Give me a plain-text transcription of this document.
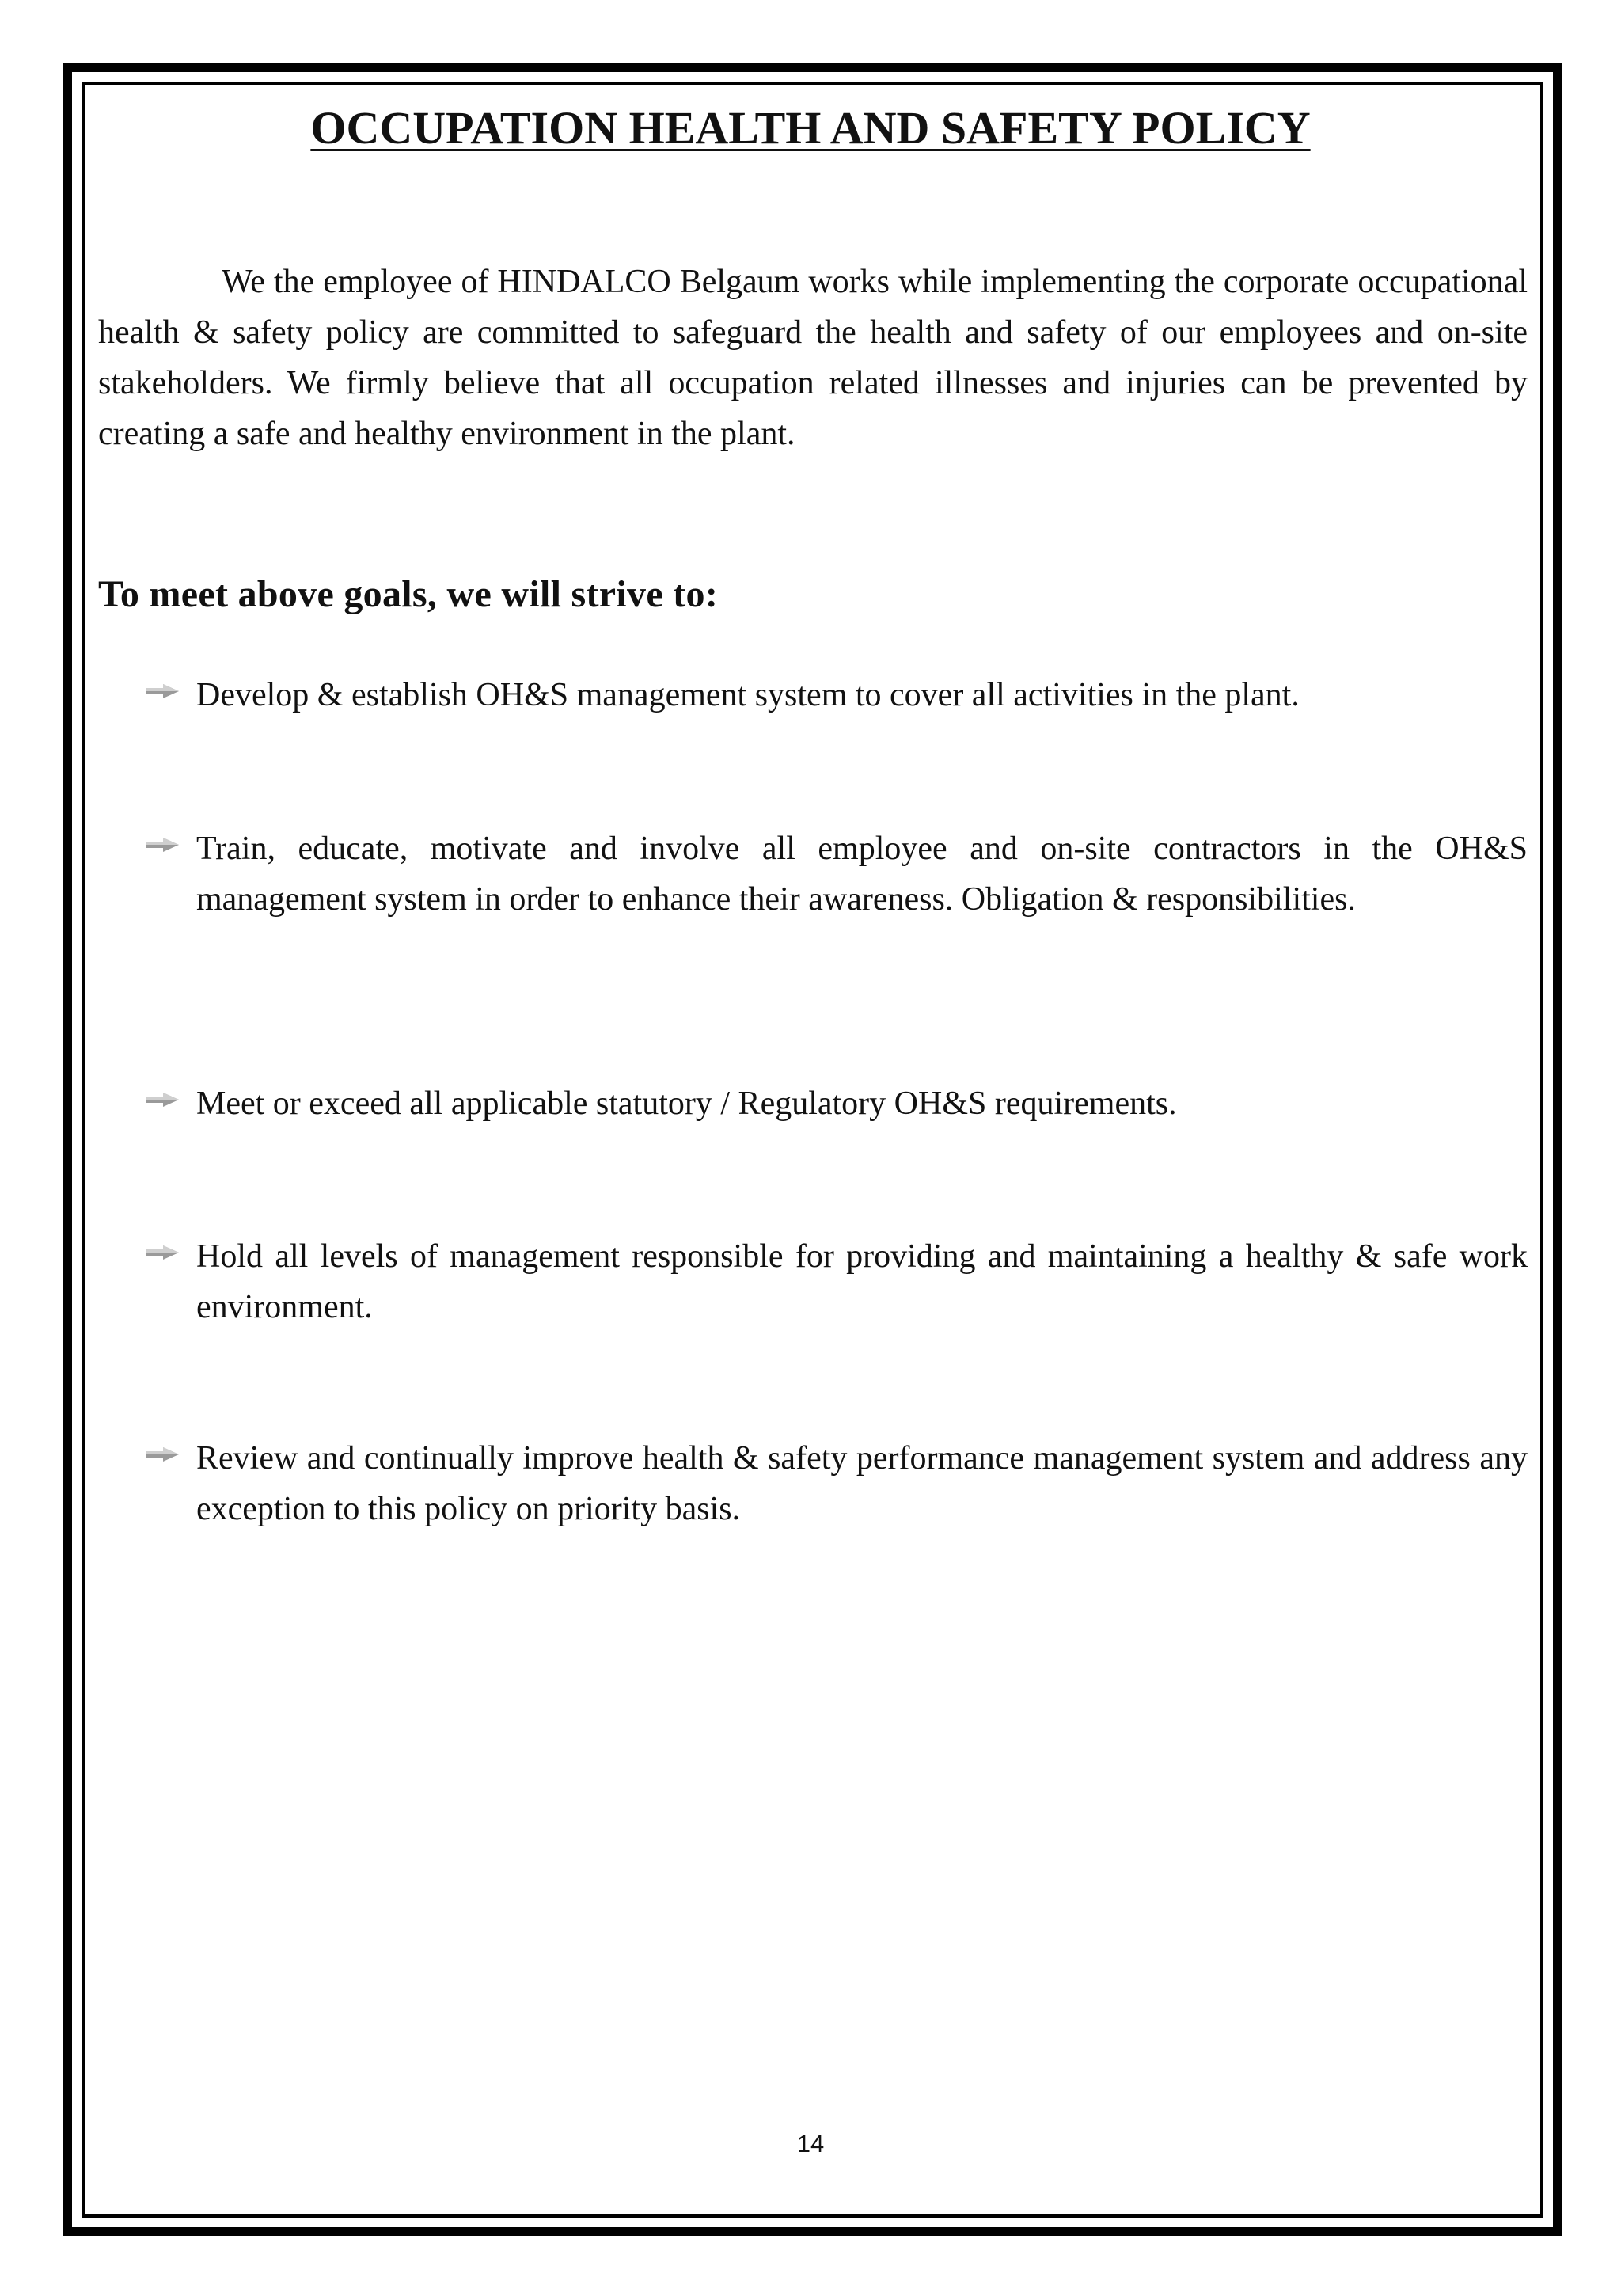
OCCUPATION HEALTH AND SAFETY POLICY

We the employee of HINDALCO Belgaum works while implementing the corporate occupational health & safety policy are committed to safeguard the health and safety of our employees and on-site stakeholders. We firmly believe that all occupation related illnesses and injuries can be prevented by creating a safe and healthy environment in the plant.

To meet above goals, we will strive to:

Develop & establish OH&S management system to cover all activities in the plant.

Train, educate, motivate and involve all employee and on-site contractors in the OH&S management system in order to enhance their awareness. Obligation & responsibilities.

Meet or exceed all applicable statutory / Regulatory OH&S requirements.

Hold all levels of management responsible for providing and maintaining a healthy & safe work environment.

Review and continually improve health & safety performance management system and address any exception to this policy on priority basis.

14
